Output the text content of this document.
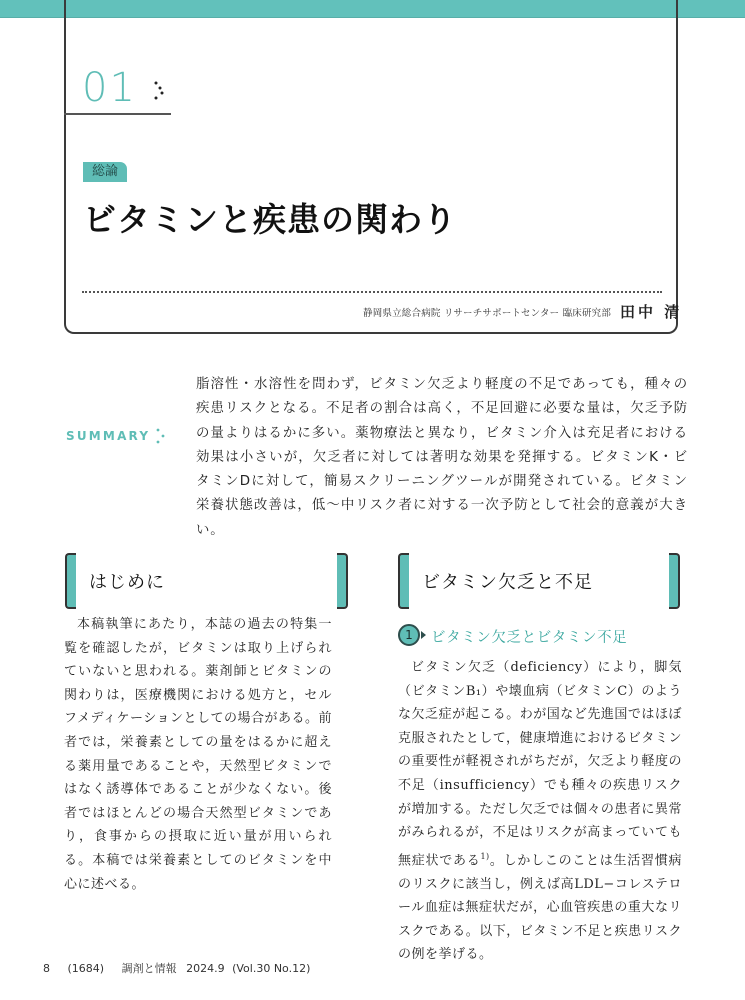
01
総論
ビタミンと疾患の関わり
静岡県立総合病院 リサーチサポートセンター 臨床研究部 田中 清
SUMMARY
脂溶性・水溶性を問わず，ビタミン欠乏より軽度の不足であっても，種々の疾患リスクとなる。不足者の割合は高く，不足回避に必要な量は，欠乏予防の量よりはるかに多い。薬物療法と異なり，ビタミン介入は充足者における効果は小さいが，欠乏者に対しては著明な効果を発揮する。ビタミンK・ビタミンDに対して，簡易スクリーニングツールが開発されている。ビタミン栄養状態改善は，低〜中リスク者に対する一次予防として社会的意義が大きい。
はじめに
本稿執筆にあたり，本誌の過去の特集一覧を確認したが，ビタミンは取り上げられていないと思われる。薬剤師とビタミンの関わりは，医療機関における処方と，セルフメディケーションとしての場合がある。前者では，栄養素としての量をはるかに超える薬用量であることや，天然型ビタミンではなく誘導体であることが少なくない。後者ではほとんどの場合天然型ビタミンであり，食事からの摂取に近い量が用いられる。本稿では栄養素としてのビタミンを中心に述べる。
ビタミン欠乏と不足
1	ビタミン欠乏とビタミン不足
ビタミン欠乏（deficiency）により，脚気（ビタミンB₁）や壊血病（ビタミンC）のような欠乏症が起こる。わが国など先進国ではほぼ克服されたとして，健康増進におけるビタミンの重要性が軽視されがちだが，欠乏より軽度の不足（insufficiency）でも種々の疾患リスクが増加する。ただし欠乏では個々の患者に異常がみられるが，不足はリスクが高まっていても無症状である$^{1)}$。しかしこのことは生活習慣病のリスクに該当し，例えば高LDL−コレステロール血症は無症状だが，心血管疾患の重大なリスクである。以下，ビタミン不足と疾患リスクの例を挙げる。
8 (1684) 調剤と情報 2024.9 (Vol.30 No.12)
